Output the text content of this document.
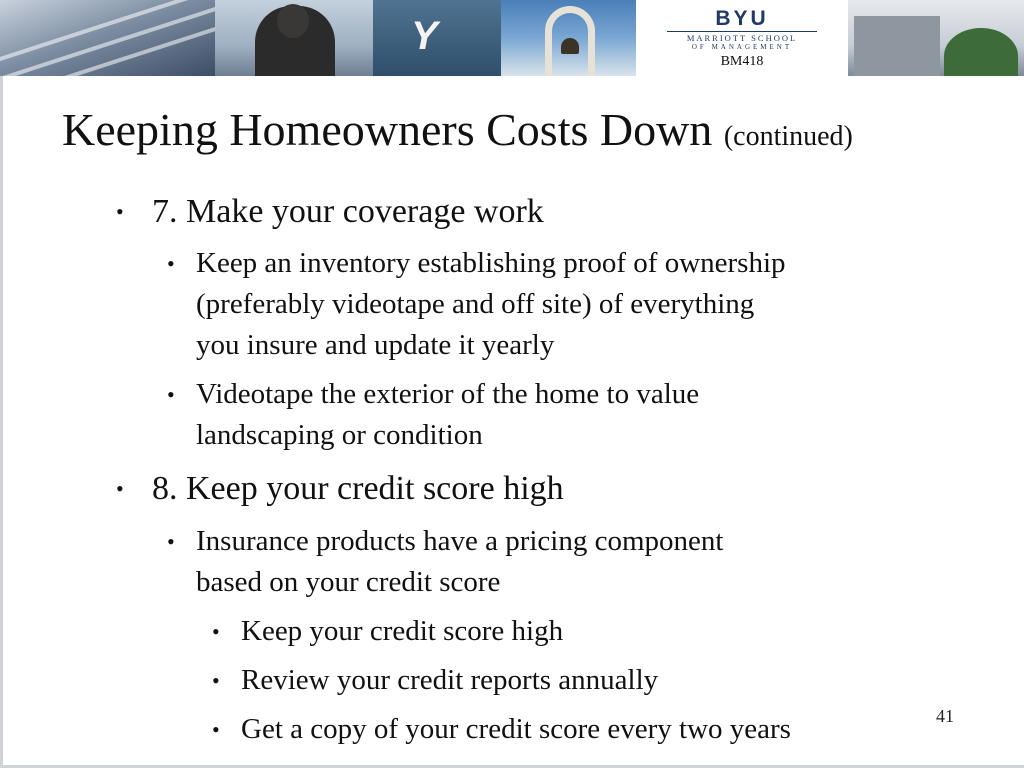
Y	BYU
MARRIOTT SCHOOL
OF MANAGEMENT
BM418
Keeping Homeowners Costs Down (continued)
• 7. Make your coverage work
• Keep an inventory establishing proof of ownership
(preferably videotape and off site) of everything
you insure and update it yearly
• Videotape the exterior of the home to value
landscaping or condition
• 8. Keep your credit score high
• Insurance products have a pricing component
based on your credit score
• Keep your credit score high
• Review your credit reports annually
• Get a copy of your credit score every two years	41
